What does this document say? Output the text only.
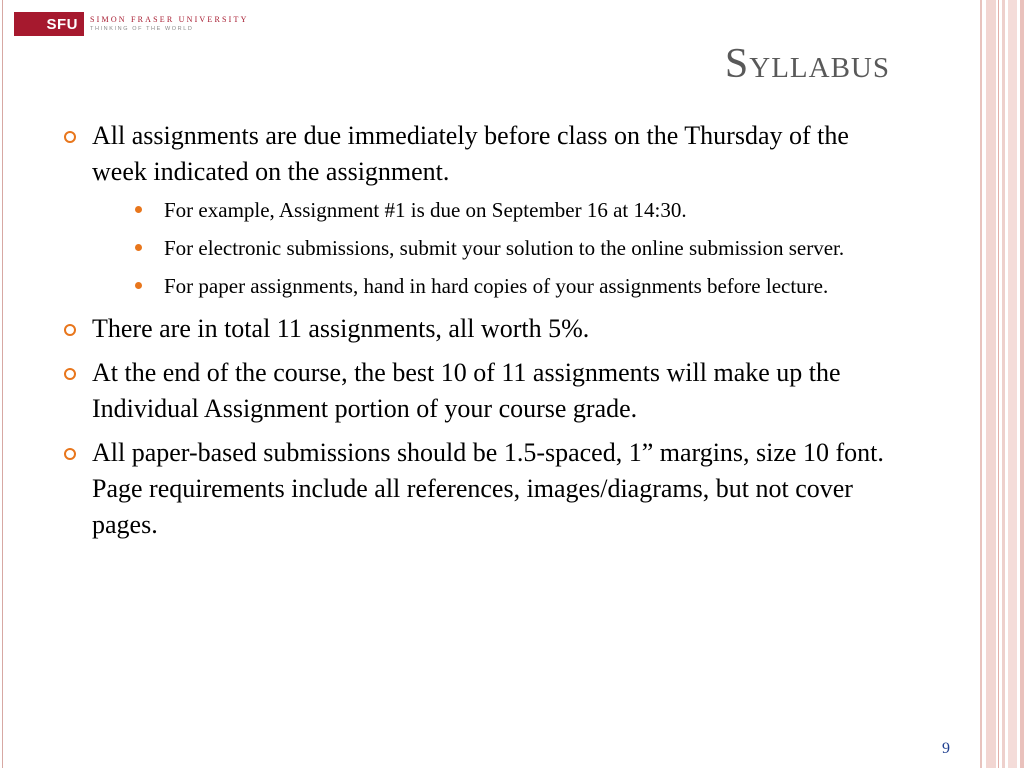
SFU	SIMON FRASER UNIVERSITY
THINKING OF THE WORLD
Syllabus
All assignments are due immediately before class on the Thursday of the week indicated on the assignment.
For example, Assignment #1 is due on September 16 at 14:30.
For electronic submissions, submit your solution to the online submission server.
For paper assignments, hand in hard copies of your assignments before lecture.
There are in total 11 assignments, all worth 5%.
At the end of the course, the best 10 of 11 assignments will make up the Individual Assignment portion of your course grade.
All paper-based submissions should be 1.5-spaced, 1” margins, size 10 font. Page requirements include all references, images/diagrams, but not cover pages.
9
